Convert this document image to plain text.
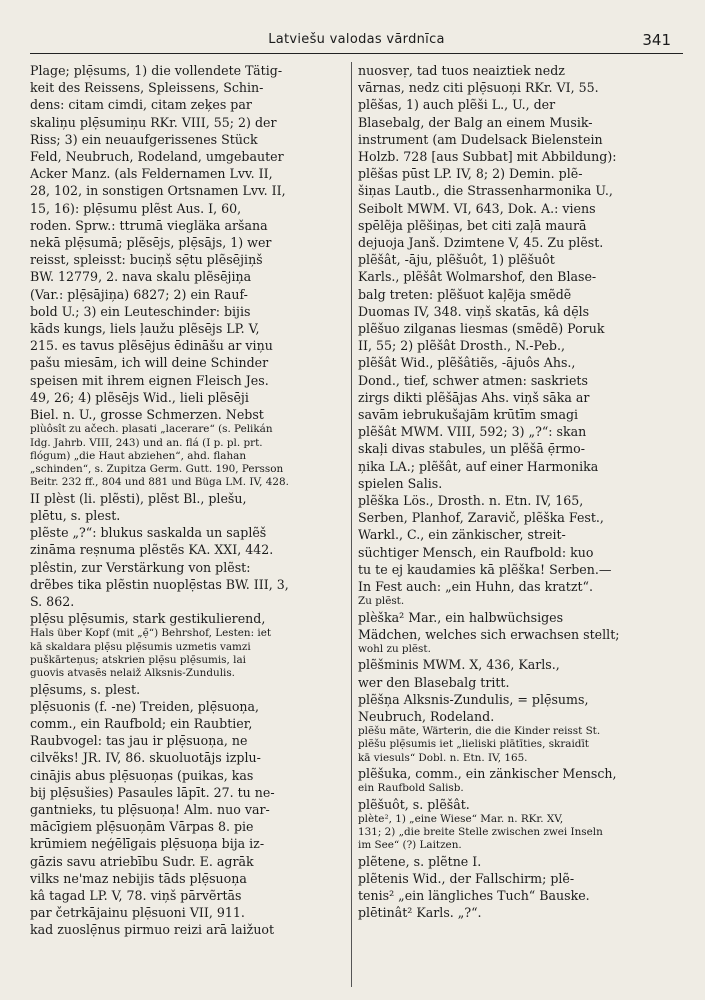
Latviešu valodas vārdnīca	341
Plage; plẹ̄sums, 1) die vollendete Tätig-
keit des Reissens, Spleissens, Schin-
dens: citam cimdi, citam zeķes par
skaliņu plẹ̄sumiņu RKr. VIII, 55; 2) der
Riss; 3) ein neuaufgerissenes Stück
Feld, Neubruch, Rodeland, umgebauter
Acker Manz. (als Feldernamen Lvv. II,
28, 102, in sonstigen Ortsnamen Lvv. II,
15, 16): plẹ̄sumu plẽst Aus. I, 60,
roden. Sprw.: ttrumā viegläka aršana
nekā plẹ̄sumā; plẽsējs, plẹ̄sājs, 1) wer
reisst, spleisst: buciņš sẹ̄tu plẽsējiņš
BW. 12779, 2. nava skalu plẽsējiņa
(Var.: plẹ̄sājiņa) 6827; 2) ein Rauf-
bold U.; 3) ein Leuteschinder: bijis
kāds kungs, liels ļaužu plẽsējs LP. V,
215. es tavus plẽsējus ēdināšu ar viņu
pašu miesām, ich will deine Schinder
speisen mit ihrem eignen Fleisch Jes.
49, 26; 4) plẽsējs Wid., lieli plẽsēji
Biel. n. U., grosse Schmerzen. Nebst
plùôsît zu ačech. plasati „lacerare“ (s. Pelikán
Idg. Jahrb. VIII, 243) und an. flá (I p. pl. prt.
flógum) „die Haut abziehen“, ahd. flahan
„schinden“, s. Zupitza Germ. Gutt. 190, Persson
Beitr. 232 ff., 804 und 881 und Büga LM. IV, 428.
II plèst (li. plẽsti), plẽst Bl., plešu,
plētu, s. plest.
plẽste „?“: blukus saskalda un saplẽš
zināma reṣnuma plẽstẽs KA. XXI, 442.
plêstin, zur Verstärkung von plẽst:
drẽbes tika plẽstin nuoplẹ̄stas BW. III, 3,
S. 862.
plẹ̄su plẹ̄sumis, stark gestikulierend,
Hals über Kopf (mit „ẹ̄“) Behrshof, Lesten: iet
kā skaldara plẹ̄su plẹ̄sumis uzmetis vamzi
puškārteņus; atskrien plẹ̄su plẹ̄sumis, lai
guovis atvasẽs nelaiž Alksnis-Zundulis.
plẹ̄sums, s. plest.
plẹ̄suonis (f. -ne) Treiden, plẹ̄suoņa,
comm., ein Raufbold; ein Raubtier,
Raubvogel: tas jau ir plẹ̄suoņa, ne
cilvẽks! JR. IV, 86. skuoluotājs izplu-
cinājis abus plẹ̄suoņas (puikas, kas
bij plẹ̄sušies) Pasaules lāpīt. 27. tu ne-
gantnieks, tu plẹ̄suoņa! Alm. nuo var-
mācīgiem plẹ̄suoņām Vārpas 8. pie
krūmiem neģēlīgais plẹ̄suoņa bija iz-
gāzis savu atriebību Sudr. E. agrāk
vilks ne'maz nebijis tāds plẹ̄suoņa
kâ tagad LP. V, 78. viņš pārvẽrtās
par četrkājainu plẹ̄suoni VII, 911.
kad zuoslẹ̄nus pirmuo reizi arā laižuot
nuosveṛ, tad tuos neaiztiek nedz
vārnas, nedz citi plẹ̄suoņi RKr. VI, 55.
plẽšas, 1) auch plẽši L., U., der
Blasebalg, der Balg an einem Musik-
instrument (am Dudelsack Bielenstein
Holzb. 728 [aus Subbat] mit Abbildung):
plẽšas pūst LP. IV, 8; 2) Demin. plẽ-
šiņas Lautb., die Strassenharmonika U.,
Seibolt MWM. VI, 643, Dok. A.: viens
spēlẽja plẽšiņas, bet citi zaļā maurā
dejuoja Janš. Dzimtene V, 45. Zu plẽst.
plẽšât, -āju, plẽšuôt, 1) plẽšuôt
Karls., plẽšât Wolmarshof, den Blase-
balg treten: plẽšuot kaļẽja smẽdẽ
Duomas IV, 348. viņš skatās, kâ dẹ̄ls
plẽšuo zilganas liesmas (smẽdẽ) Poruk
II, 55; 2) plẽšât Drosth., N.-Peb.,
plẽšât Wid., plẽšâtiẽs, -ājuôs Ahs.,
Dond., tief, schwer atmen: saskriets
zirgs dikti plẽšājas Ahs. viņš sāka ar
savām iebrukušajām krūtīm smagi
plẽšât MWM. VIII, 592; 3) „?“: skan
skaļi divas stabules, un plẽšā ẹ̄rmo-
ņika LA.; plẽšât, auf einer Harmonika
spielen Salis.
plẽška Lös., Drosth. n. Etn. IV, 165,
Serben, Planhof, Zaravič, plẽška Fest.,
Warkl., C., ein zänkischer, streit-
süchtiger Mensch, ein Raufbold: kuo
tu te ej kaudamies kā plẽška! Serben.—
In Fest auch: „ein Huhn, das kratzt“.
Zu plẽst.
plèška² Mar., ein halbwüchsiges
Mädchen, welches sich erwachsen stellt;
wohl zu plẽst.
plẽšminis MWM. X, 436, Karls.,
wer den Blasebalg tritt.
plẽšņa Alksnis-Zundulis, = plẹ̄sums,
Neubruch, Rodeland.
plẽšu māte, Wärterin, die die Kinder reisst St.
plẽšu plẹ̄sumis iet „lieliski plātīties, skraidīt
kā viesuls“ Dobl. n. Etn. IV, 165.
plẽšuka, comm., ein zänkischer Mensch,
ein Raufbold Salisb.
plẽšuôt, s. plẽšât.
plète², 1) „eine Wiese“ Mar. n. RKr. XV,
131; 2) „die breite Stelle zwischen zwei Inseln
im See“ (?) Laitzen.
plẽtene, s. plẽtne I.
plẽtenis Wid., der Fallschirm; plẽ-
tenis² „ein längliches Tuch“ Bauske.
plētinât² Karls. „?“.
